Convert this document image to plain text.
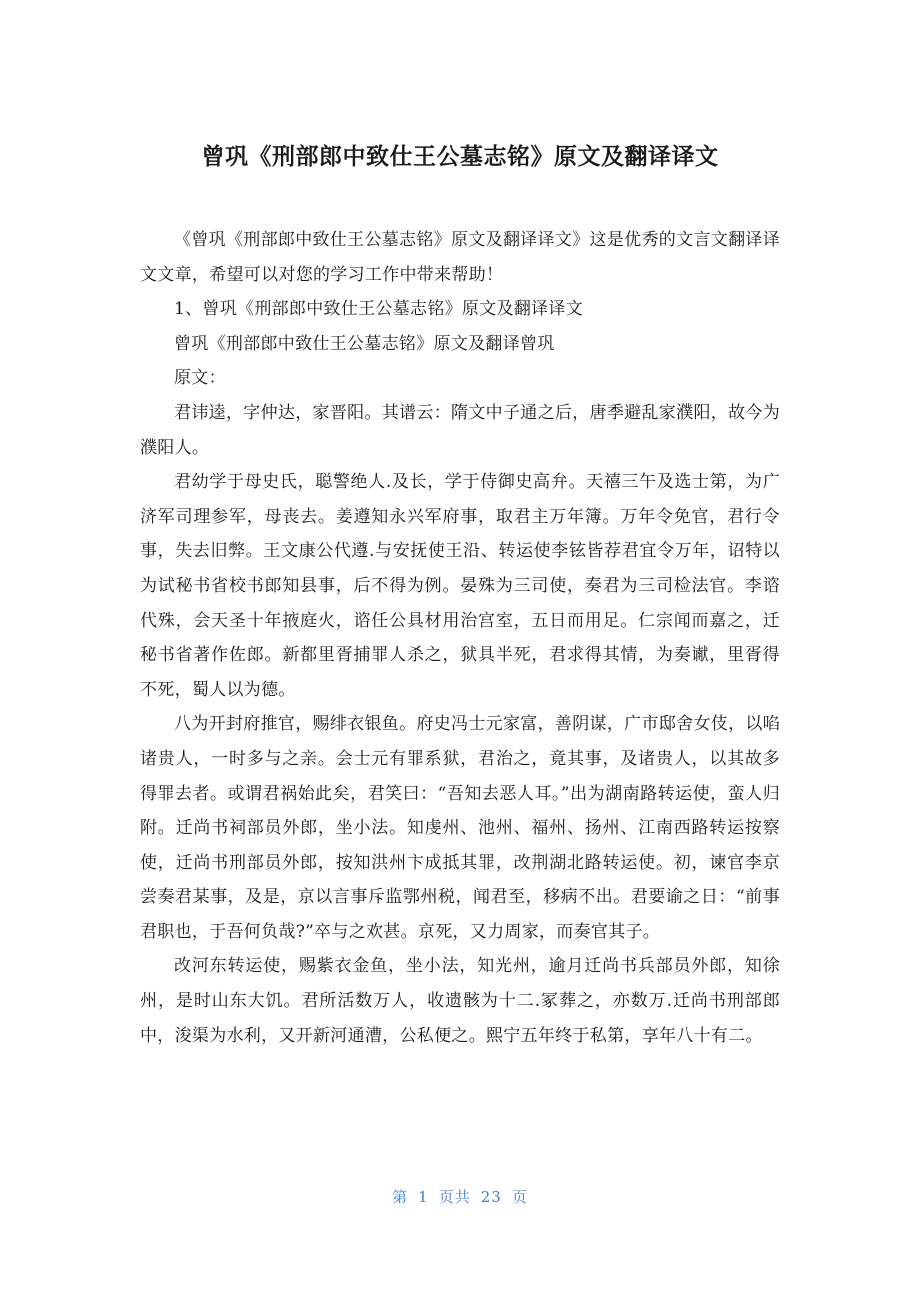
曾巩《刑部郎中致仕王公墓志铭》原文及翻译译文

《曾巩《刑部郎中致仕王公墓志铭》原文及翻译译文》这是优秀的文言文翻译译文文章，希望可以对您的学习工作中带来帮助！

1、曾巩《刑部郎中致仕王公墓志铭》原文及翻译译文

曾巩《刑部郎中致仕王公墓志铭》原文及翻译曾巩

原文：

君讳逵，字仲达，家晋阳。其谱云：隋文中子通之后，唐季避乱家濮阳，故今为濮阳人。

君幼学于母史氏，聪警绝人.及长，学于侍御史高弁。天禧三午及选士第，为广济军司理参军，母丧去。姜遵知永兴军府事，取君主万年簿。万年令免官，君行令事，失去旧弊。王文康公代遵.与安抚使王沿、转运使李铉皆荐君宜令万年，诏特以为试秘书省校书郎知县事，后不得为例。晏殊为三司使，奏君为三司检法官。李谘代殊，会天圣十年掖庭火，谘任公具材用治宫室，五日而用足。仁宗闻而嘉之，迁秘书省著作佐郎。新都里胥捕罪人杀之，狱具半死，君求得其情，为奏谳，里胥得不死，蜀人以为德。

八为开封府推官，赐绯衣银鱼。府史冯士元家富，善阴谋，广市邸舍女伎，以啗诸贵人，一时多与之亲。会士元有罪系狱，君治之，竟其事，及诸贵人，以其故多得罪去者。或谓君祸始此矣，君笑曰：“吾知去恶人耳。”出为湖南路转运使，蛮人归附。迁尚书祠部员外郎，坐小法。知虔州、池州、福州、扬州、江南西路转运按察使，迁尚书刑部员外郎，按知洪州卞成抵其罪，改荆湖北路转运使。初，谏官李京尝奏君某事，及是，京以言事斥监鄂州税，闻君至，移病不出。君要谕之日：“前事君职也，于吾何负哉?”卒与之欢甚。京死，又力周家，而奏官其子。

改河东转运使，赐紫衣金鱼，坐小法，知光州，逾月迁尚书兵部员外郎，知徐州，是时山东大饥。君所活数万人，收遗骸为十二.冢葬之，亦数万.迁尚书刑部郎中，浚渠为水利，又开新河通漕，公私便之。熙宁五年终于私第，享年八十有二。

第 1 页共 23 页
